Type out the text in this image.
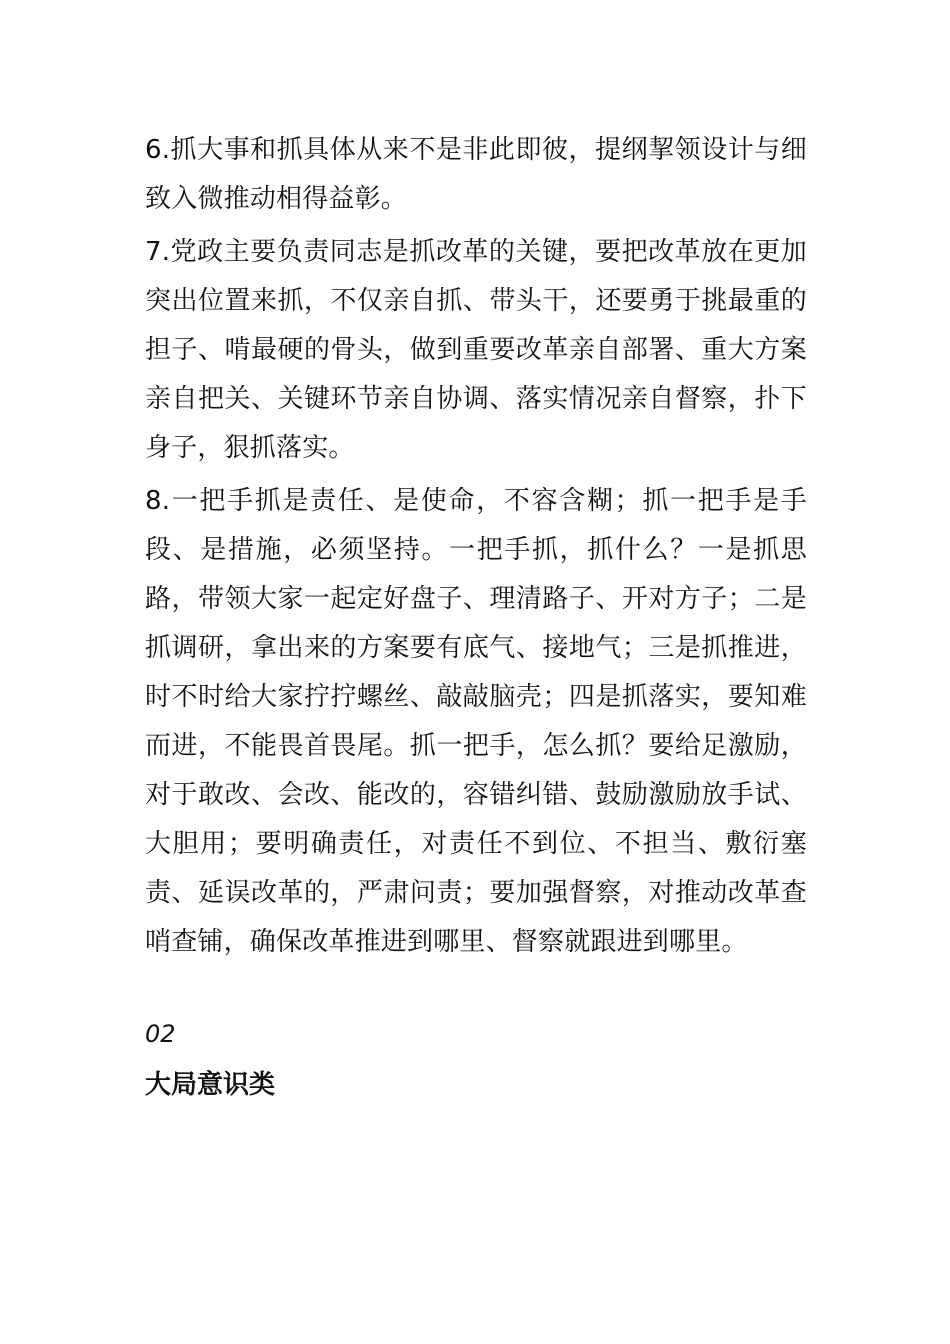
6.抓大事和抓具体从来不是非此即彼，提纲挈领设计与细致入微推动相得益彰。

7.党政主要负责同志是抓改革的关键，要把改革放在更加突出位置来抓，不仅亲自抓、带头干，还要勇于挑最重的担子、啃最硬的骨头，做到重要改革亲自部署、重大方案亲自把关、关键环节亲自协调、落实情况亲自督察，扑下身子，狠抓落实。

8.一把手抓是责任、是使命，不容含糊；抓一把手是手段、是措施，必须坚持。一把手抓，抓什么？一是抓思路，带领大家一起定好盘子、理清路子、开对方子；二是抓调研，拿出来的方案要有底气、接地气；三是抓推进，时不时给大家拧拧螺丝、敲敲脑壳；四是抓落实，要知难而进，不能畏首畏尾。抓一把手，怎么抓？要给足激励，对于敢改、会改、能改的，容错纠错、鼓励激励放手试、大胆用；要明确责任，对责任不到位、不担当、敷衍塞责、延误改革的，严肃问责；要加强督察，对推动改革查哨查铺，确保改革推进到哪里、督察就跟进到哪里。

02
大局意识类
